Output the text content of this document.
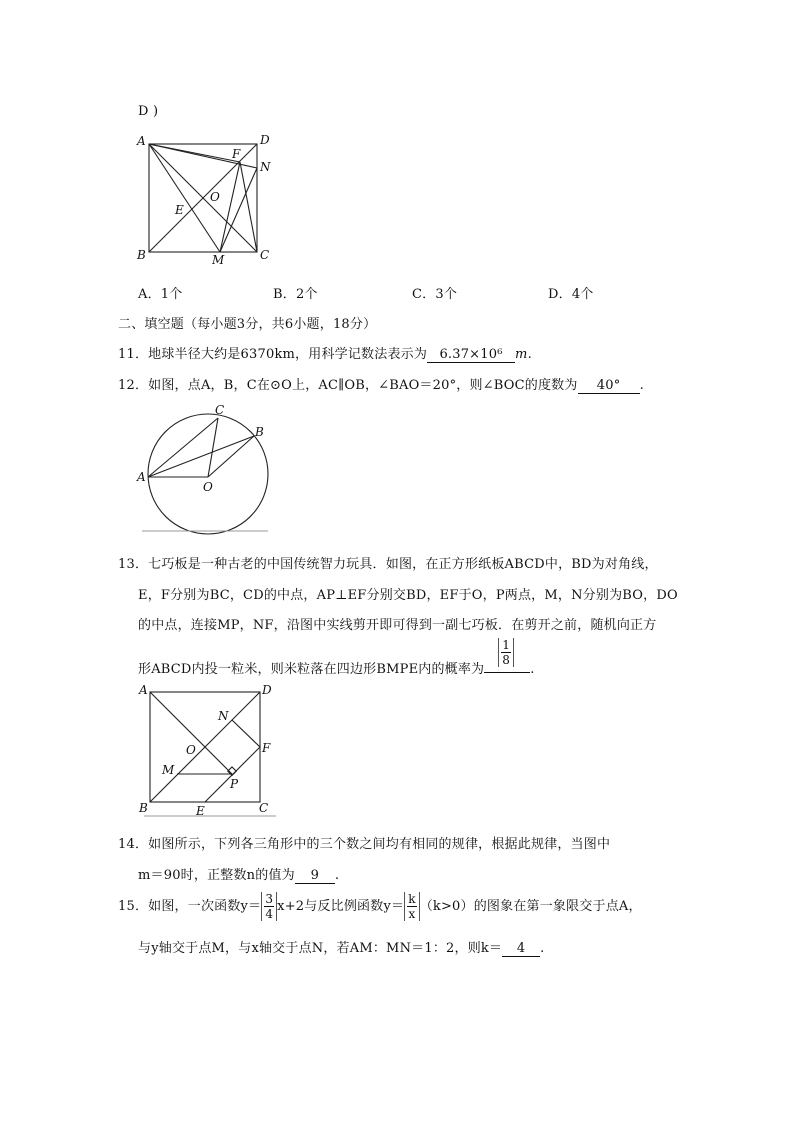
D )
A	D
F
N
O
E
B	M	C
A．1个	B．2个	C．3个	D．4个
二、填空题（每小题3分，共6小题，18分）
11．地球半径大约是6370km，用科学记数法表示为 6.37×10⁶ m.
12．如图，点A，B，C在⊙O上，AC∥OB，∠BAO＝20°，则∠BOC的度数为 40° .
A
C
B
O
13．七巧板是一种古老的中国传统智力玩具．如图，在正方形纸板ABCD中，BD为对角线，
E，F分别为BC，CD的中点，AP⊥EF分别交BD，EF于O，P两点，M，N分别为BO，DO
的中点，连接MP，NF，沿图中实线剪开即可得到一副七巧板．在剪开之前，随机向正方
形ABCD内投一粒米，则米粒落在四边形BMPE内的概率为
$\frac{1}{8}$
.
A	D
N
F
O
M
P
B	E	C
14．如图所示，下列各三角形中的三个数之间均有相同的规律，根据此规律，当图中
m＝90时，正整数n的值为 9 .
15．如图，一次函数$y= \frac{3}{4} x+2$与反比例函数$y= \frac{k}{x} (k>0)$的图象在第一象限交于点A，
与y轴交于点M，与x轴交于点N，若AM：MN＝1：2，则k＝ 4 .
